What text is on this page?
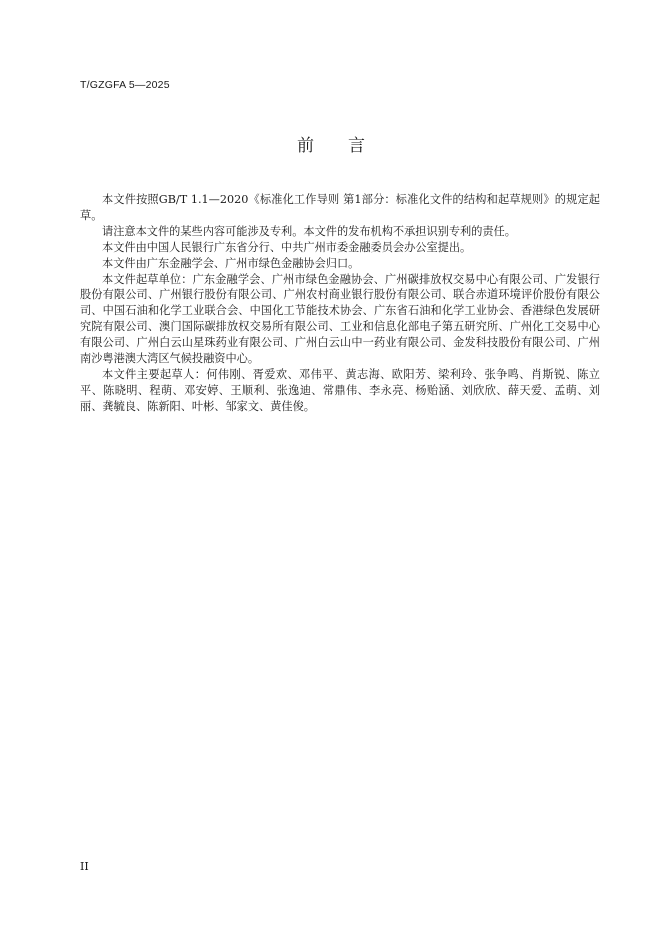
T/GZGFA 5—2025
前言

本文件按照GB/T 1.1—2020《标准化工作导则 第1部分：标准化文件的结构和起草规则》的规定起草。

请注意本文件的某些内容可能涉及专利。本文件的发布机构不承担识别专利的责任。

本文件由中国人民银行广东省分行、中共广州市委金融委员会办公室提出。

本文件由广东金融学会、广州市绿色金融协会归口。

本文件起草单位：广东金融学会、广州市绿色金融协会、广州碳排放权交易中心有限公司、广发银行股份有限公司、广州银行股份有限公司、广州农村商业银行股份有限公司、联合赤道环境评价股份有限公司、中国石油和化学工业联合会、中国化工节能技术协会、广东省石油和化学工业协会、香港绿色发展研究院有限公司、澳门国际碳排放权交易所有限公司、工业和信息化部电子第五研究所、广州化工交易中心有限公司、广州白云山星珠药业有限公司、广州白云山中一药业有限公司、金发科技股份有限公司、广州南沙粤港澳大湾区气候投融资中心。

本文件主要起草人：何伟刚、胥爱欢、邓伟平、黄志海、欧阳芳、梁利玲、张争鸣、肖斯锐、陈立平、陈晓明、程萌、邓安婷、王顺利、张逸迪、常鼎伟、李永亮、杨贻涵、刘欣欣、薛天爱、孟萌、刘丽、龚毓良、陈新阳、叶彬、邹家文、黄佳俊。

II
